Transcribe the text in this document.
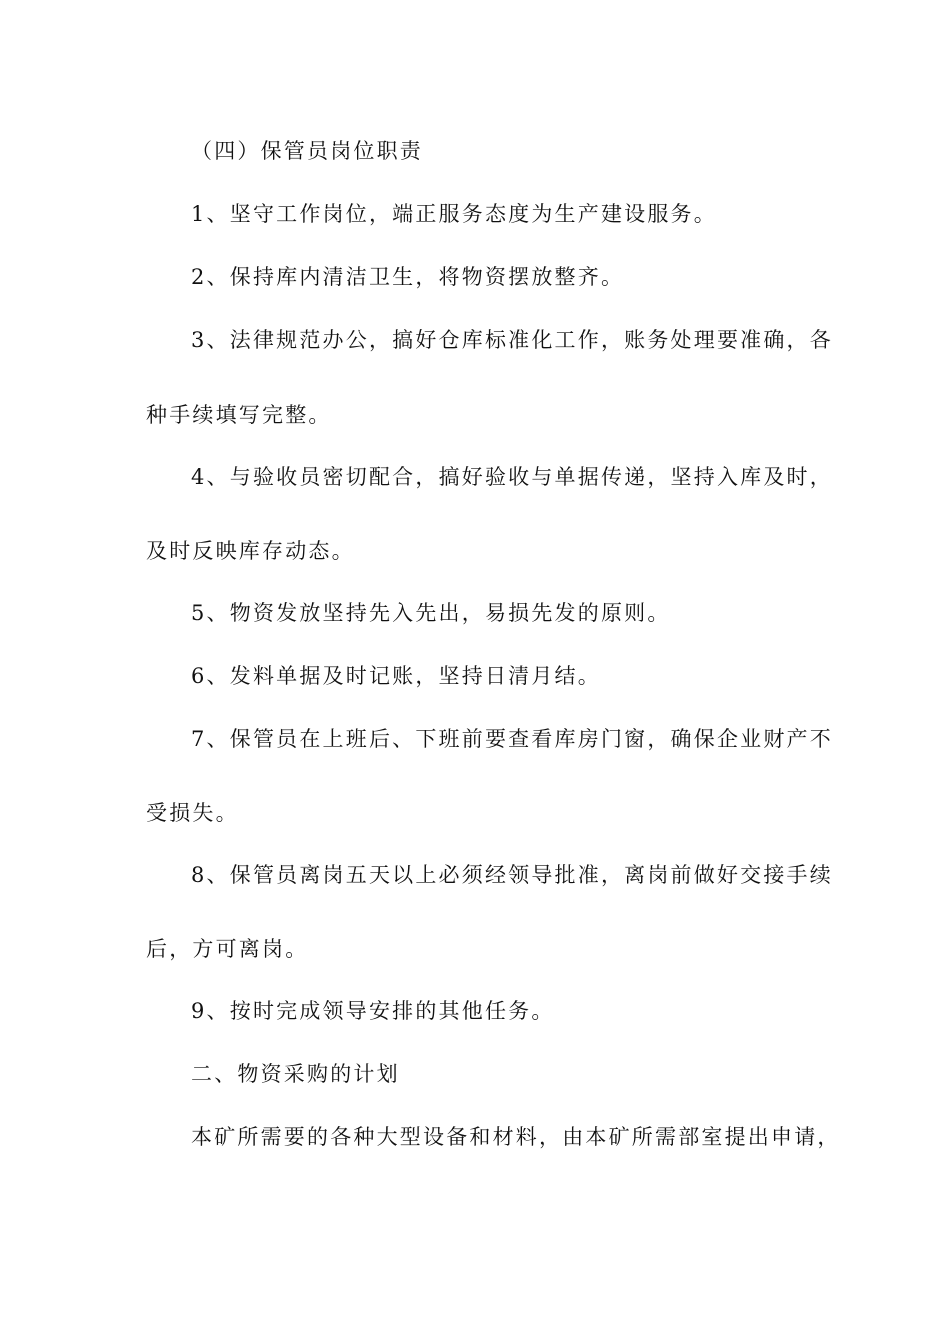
（四）保管员岗位职责
1、坚守工作岗位，端正服务态度为生产建设服务。
2、保持库内清洁卫生，将物资摆放整齐。
3、法律规范办公，搞好仓库标准化工作，账务处理要准确，各
种手续填写完整。
4、与验收员密切配合，搞好验收与单据传递，坚持入库及时，
及时反映库存动态。
5、物资发放坚持先入先出，易损先发的原则。
6、发料单据及时记账，坚持日清月结。
7、保管员在上班后、下班前要查看库房门窗，确保企业财产不
受损失。
8、保管员离岗五天以上必须经领导批准，离岗前做好交接手续
后，方可离岗。
9、按时完成领导安排的其他任务。
二、物资采购的计划
本矿所需要的各种大型设备和材料，由本矿所需部室提出申请，
